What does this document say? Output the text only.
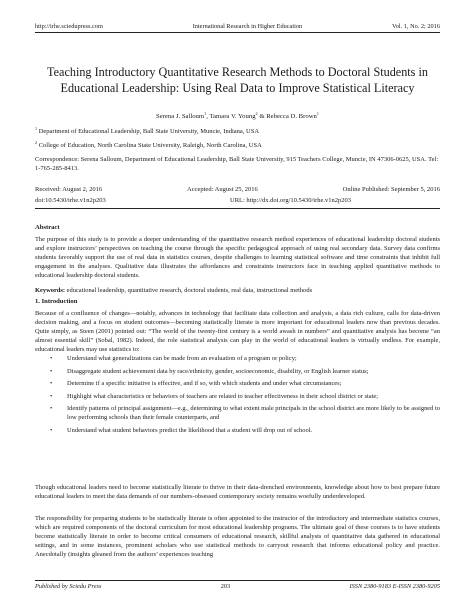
http://irhe.sciedupress.com	International Research in Higher Education	Vol. 1, No. 2; 2016
Teaching Introductory Quantitative Research Methods to Doctoral Students in Educational Leadership: Using Real Data to Improve Statistical Literacy
Serena J. Salloum$^1$, Tamara V. Young$^2$ & Rebecca D. Brown$^1$
$^1$ Department of Educational Leadership, Ball State University, Muncie, Indiana, USA
$^2$ College of Education, North Carolina State University, Raleigh, North Carolina, USA
Correspondence: Serena Salloum, Department of Educational Leadership, Ball State University, 915 Teachers College, Muncie, IN 47306-0625, USA. Tel: 1-765-285-8413.
Received: August 2, 2016	Accepted: August 25, 2016	Online Published: September 5, 2016
doi:10.5430/irhe.v1n2p203	URL: http://dx.doi.org/10.5430/irhe.v1n2p203
Abstract

The purpose of this study is to provide a deeper understanding of the quantitative research method experiences of educational leadership doctoral students and explore instructors’ perspectives on teaching the course through the specific pedagogical approach of using real secondary data. Survey data confirms students favorably support the use of real data in statistics courses, despite challenges to learning statistical software and time constraints that inhibit full engagement in the analyses. Qualitative data illustrates the affordances and constraints instructors face in teaching applied quantitative methods to educational leadership doctoral students.

Keywords: educational leadership, quantitative research, doctoral students, real data, instructional methods
1. Introduction

Because of a confluence of changes—notably, advances in technology that facilitate data collection and analysis, a data rich culture, calls for data-driven decision making, and a focus on student outcomes—becoming statistically literate is more important for educational leaders now than previous decades. Quite simply, as Steen (2001) pointed out: “The world of the twenty-first century is a world awash in numbers” and quantitative analysis has become “an almost essential skill” (Sobal, 1982). Indeed, the role statistical analysis can play in the world of educational leaders is virtually endless. For example, educational leaders may use statistics to:

• Understand what generalizations can be made from an evaluation of a program or policy;
• Disaggregate student achievement data by race/ethnicity, gender, socioeconomic, disability, or English learner status;
• Determine if a specific initiative is effective, and if so, with which students and under what circumstances;
• Highlight what characteristics or behaviors of teachers are related to teacher effectiveness in their school district or state;
• Identify patterns of principal assignment—e.g., determining to what extent male principals in the school district are more likely to be assigned to low performing schools than their female counterparts, and
• Understand what student behaviors predict the likelihood that a student will drop out of school.

Though educational leaders need to become statistically literate to thrive in their data-drenched environments, knowledge about how to best prepare future educational leaders to meet the data demands of our numbers-obsessed contemporary society remains woefully underdeveloped.

The responsibility for preparing students to be statistically literate is often appointed to the instructor of the introductory and intermediate statistics courses, which are required components of the doctoral curriculum for most educational leadership programs. The ultimate goal of these courses is to have students become statistically literate in order to become critical consumers of educational research, skillful analysts of quantitative data gathered in educational settings, and in some instances, prominent scholars who use statistical methods to carryout research that informs educational policy and practice. Anecdotally (insights gleaned from the authors’ experiences teaching

Published by Sciedu Press	203	ISSN 2380-9183 E-ISSN 2380-9205
